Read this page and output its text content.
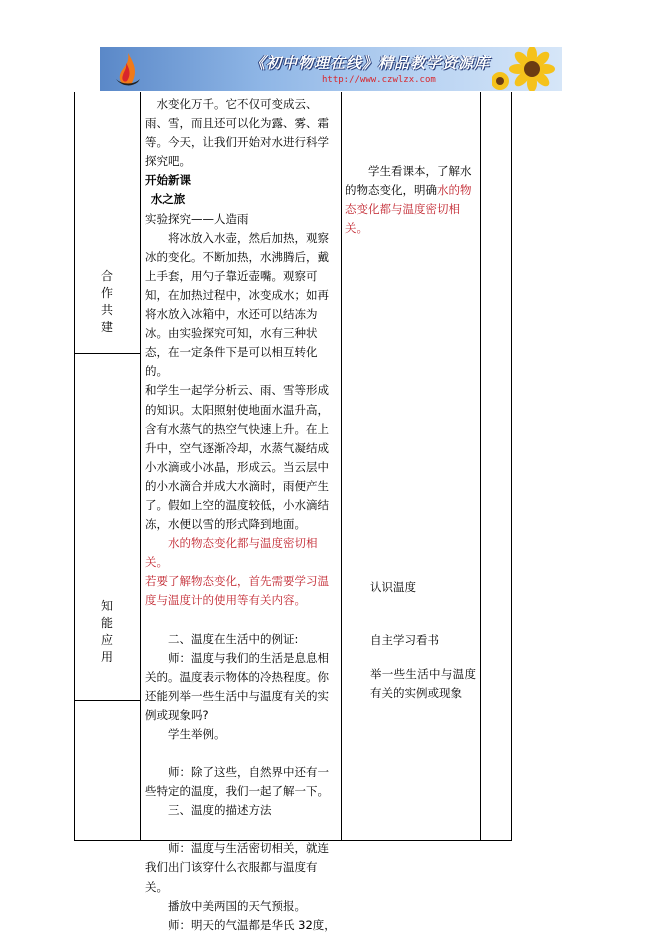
《初中物理在线》精品教学资源库
http://www.czwlzx.com
合
作
共
建
知
能
应
用

水变化万千。它不仅可变成云、雨、雪，而且还可以化为露、雾、霜等。今天，让我们开始对水进行科学探究吧。

开始新课

水之旅

实验探究——人造雨

将冰放入水壶，然后加热，观察冰的变化。不断加热，水沸腾后，戴上手套，用勺子靠近壶嘴。观察可知，在加热过程中，冰变成水；如再将水放入冰箱中，水还可以结冻为冰。由实验探究可知，水有三种状态，在一定条件下是可以相互转化的。

和学生一起学分析云、雨、雪等形成的知识。太阳照射使地面水温升高，含有水蒸气的热空气快速上升。在上升中，空气逐渐冷却，水蒸气凝结成小水滴或小冰晶，形成云。当云层中的小水滴合并成大水滴时，雨便产生了。假如上空的温度较低，小水滴结冻，水便以雪的形式降到地面。

水的物态变化都与温度密切相关。

若要了解物态变化，首先需要学习温度与温度计的使用等有关内容。

二、温度在生活中的例证:

师：温度与我们的生活是息息相关的。温度表示物体的冷热程度。你还能列举一些生活中与温度有关的实例或现象吗?

学生举例。

师：除了这些，自然界中还有一些特定的温度，我们一起了解一下。

三、温度的描述方法

师：温度与生活密切相关，就连我们出门该穿什么衣服都与温度有关。

播放中美两国的天气预报。

师：明天的气温都是华氏 32度，

学生看课本，了解水的物态变化，明确水的物态变化都与温度密切相关。

认识温度

自主学习看书

举一些生活中与温度有关的实例或现象
